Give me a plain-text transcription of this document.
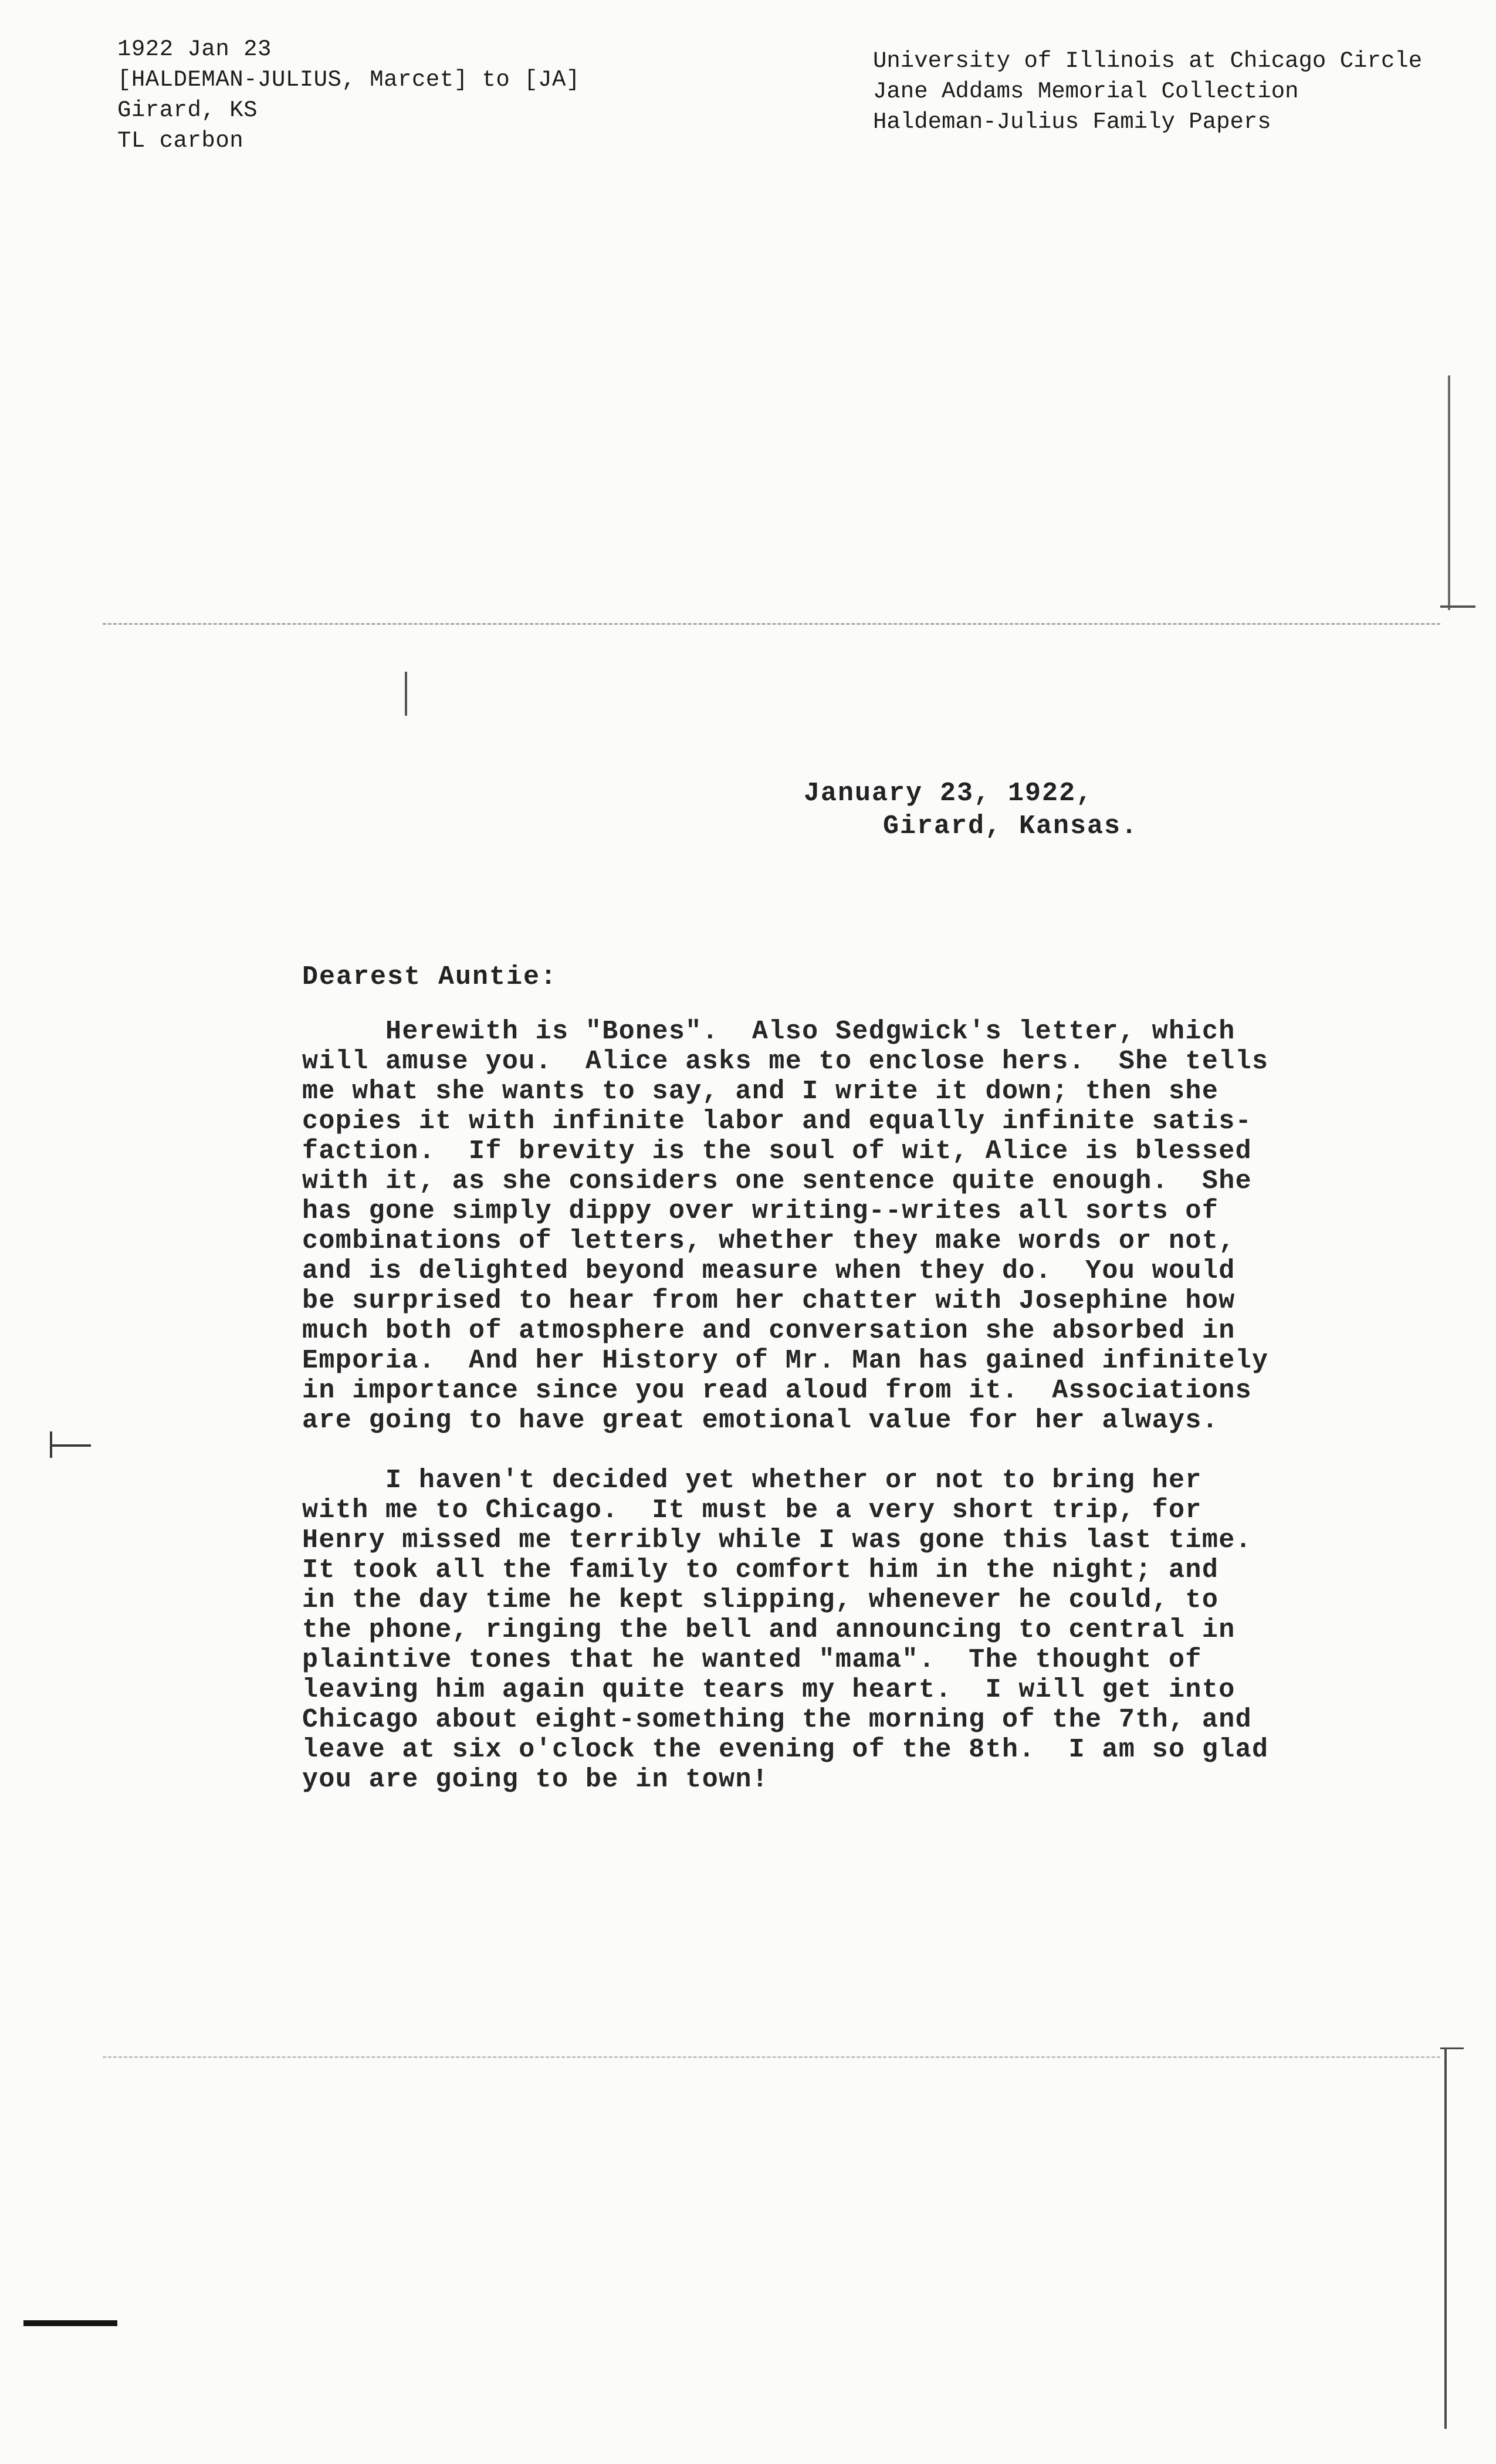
1922 Jan 23
[HALDEMAN-JULIUS, Marcet] to [JA]
Girard, KS
TL carbon
University of Illinois at Chicago Circle
Jane Addams Memorial Collection
Haldeman-Julius Family Papers
January 23, 1922,
Girard, Kansas.
Dearest Auntie:
Herewith is "Bones".  Also Sedgwick's letter, which
will amuse you.  Alice asks me to enclose hers.  She tells
me what she wants to say, and I write it down; then she
copies it with infinite labor and equally infinite satis-
faction.  If brevity is the soul of wit, Alice is blessed
with it, as she considers one sentence quite enough.  She
has gone simply dippy over writing--writes all sorts of
combinations of letters, whether they make words or not,
and is delighted beyond measure when they do.  You would
be surprised to hear from her chatter with Josephine how
much both of atmosphere and conversation she absorbed in
Emporia.  And her History of Mr. Man has gained infinitely
in importance since you read aloud from it.  Associations
are going to have great emotional value for her always.
I haven't decided yet whether or not to bring her
with me to Chicago.  It must be a very short trip, for
Henry missed me terribly while I was gone this last time.
It took all the family to comfort him in the night; and
in the day time he kept slipping, whenever he could, to
the phone, ringing the bell and announcing to central in
plaintive tones that he wanted "mama".  The thought of
leaving him again quite tears my heart.  I will get into
Chicago about eight-something the morning of the 7th, and
leave at six o'clock the evening of the 8th.  I am so glad
you are going to be in town!
